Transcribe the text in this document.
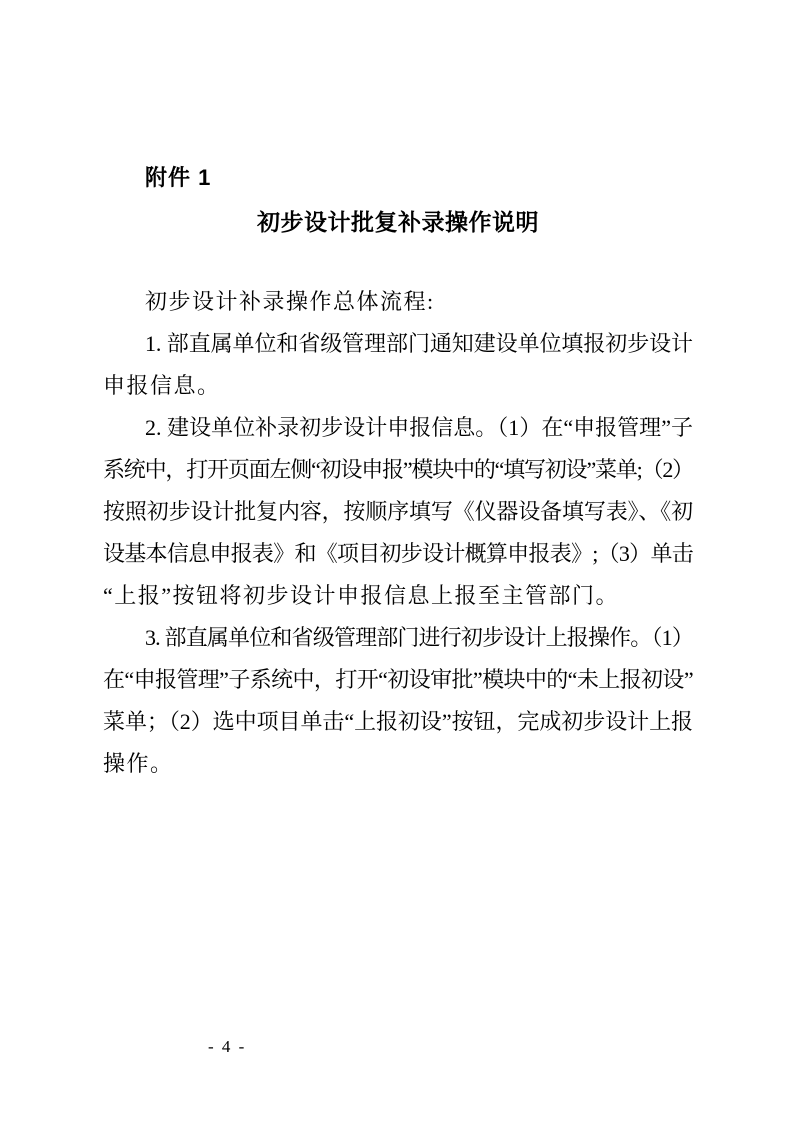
附件 1
初步设计批复补录操作说明
初步设计补录操作总体流程:
1. 部直属单位和省级管理部门通知建设单位填报初步设计
申报信息。
2. 建设单位补录初步设计申报信息。（1）在“申报管理”子
系统中，打开页面左侧“初设申报”模块中的“填写初设”菜单;（2）
按照初步设计批复内容，按顺序填写《仪器设备填写表》、《初
设基本信息申报表》和《项目初步设计概算申报表》;（3）单击
“上报”按钮将初步设计申报信息上报至主管部门。
3. 部直属单位和省级管理部门进行初步设计上报操作。（1）
在“申报管理”子系统中，打开“初设审批”模块中的“未上报初设”
菜单；（2）选中项目单击“上报初设”按钮，完成初步设计上报
操作。
- 4 -
